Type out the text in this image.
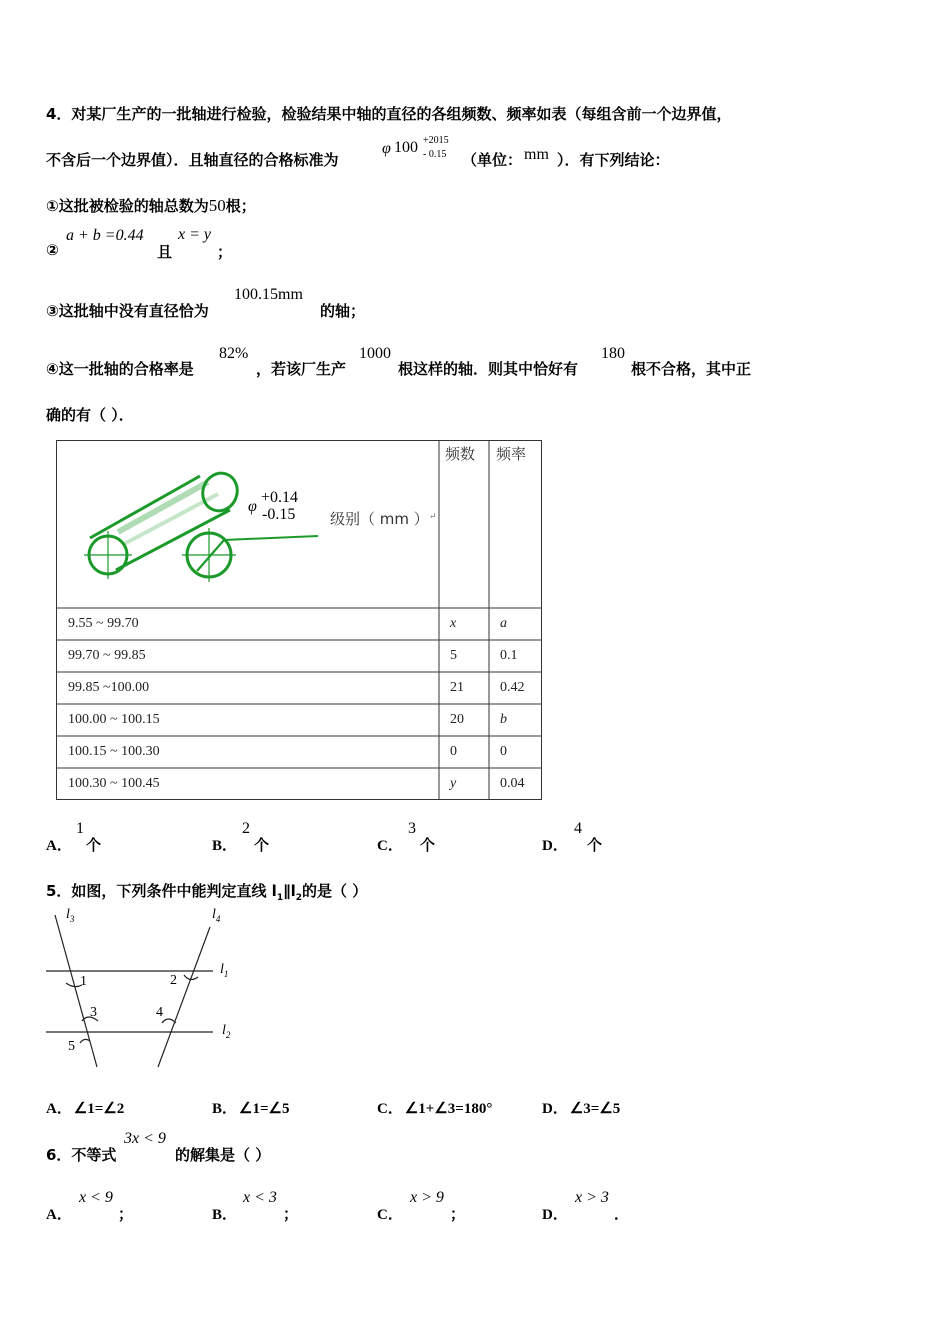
4．对某厂生产的一批轴进行检验，检验结果中轴的直径的各组频数、频率如表（每组含前一个边界值，
不含后一个边界值）．且轴直径的合格标准为
φ 100 +2015
- 0.15 （单位： mm ）．有下列结论：
①这批被检验的轴总数为50根；
②
a + b =0.44
且
x = y
；
③这批轴中没有直径恰为
100.15mm
的轴；
④这一批轴的合格率是
82%
，若该厂生产
1000
根这样的轴．则其中恰好有
180
根不合格，其中正
确的有（ ）．
φ
+0.14
-0.15 级别（ mm ） ↵
频数 频率
9.55 ~ 99.70	x	a
99.70 ~ 99.85	5	0.1
99.85 ~100.00	21	0.42
100.00 ~ 100.15	20	b
100.15 ~ 100.30	0	0
100.30 ~ 100.45	y	0.04
A．
1
个	B．
2
个	C．
3
个	D．
4
个
5．如图，下列条件中能判定直线 $l_1\parallel l_2$的是（ ）
$l_3$	$l_4$
$l_1$
$l_2$
1	2
3	4
5
A． ∠1=∠2	B． ∠1=∠5	C． ∠1+∠3=180°	D． ∠3=∠5
6．不等式
3x < 9
的解集是（ ）
A．
x < 9
；	B．
x < 3
；	C．
x > 9
；	D．
x > 3
．
